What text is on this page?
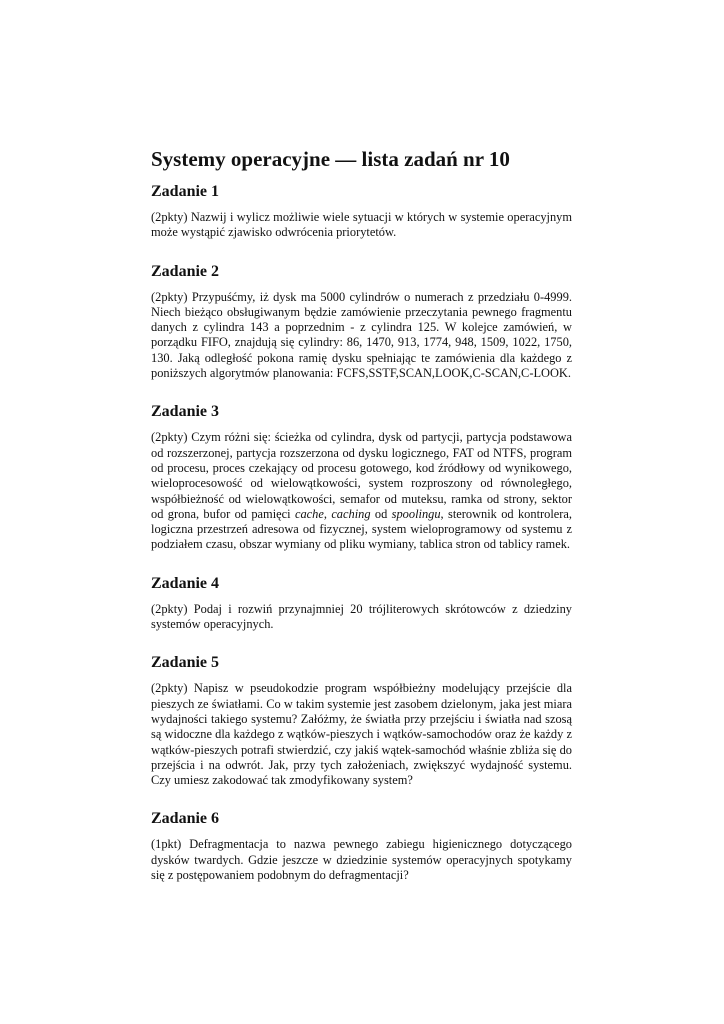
Systemy operacyjne — lista zadań nr 10
Zadanie 1

(2pkty) Nazwij i wylicz możliwie wiele sytuacji w których w systemie operacyjnym może wystąpić zjawisko odwrócenia priorytetów.

Zadanie 2

(2pkty) Przypuśćmy, iż dysk ma 5000 cylindrów o numerach z przedziału 0-4999. Niech bieżąco obsługiwanym będzie zamówienie przeczytania pewnego fragmentu danych z cylindra 143 a poprzednim - z cylindra 125. W kolejce zamówień, w porządku FIFO, znajdują się cylindry: 86, 1470, 913, 1774, 948, 1509, 1022, 1750, 130. Jaką odległość pokona ramię dysku spełniając te zamówienia dla każdego z poniższych algorytmów planowania: FCFS,SSTF,SCAN,LOOK,C-SCAN,C-LOOK.

Zadanie 3

(2pkty) Czym różni się: ścieżka od cylindra, dysk od partycji, partycja podstawowa od rozszerzonej, partycja rozszerzona od dysku logicznego, FAT od NTFS, program od procesu, proces czekający od procesu gotowego, kod źródłowy od wynikowego, wieloprocesowość od wielowątkowości, system rozproszony od równoległego, współbieżność od wielowątkowości, semafor od muteksu, ramka od strony, sektor od grona, bufor od pamięci cache, caching od spoolingu, sterownik od kontrolera, logiczna przestrzeń adresowa od fizycznej, system wieloprogramowy od systemu z podziałem czasu, obszar wymiany od pliku wymiany, tablica stron od tablicy ramek.

Zadanie 4

(2pkty) Podaj i rozwiń przynajmniej 20 trójliterowych skrótowców z dziedziny systemów operacyjnych.

Zadanie 5

(2pkty) Napisz w pseudokodzie program współbieżny modelujący przejście dla pieszych ze światłami. Co w takim systemie jest zasobem dzielonym, jaka jest miara wydajności takiego systemu? Załóżmy, że światła przy przejściu i światła nad szosą są widoczne dla każdego z wątków-pieszych i wątków-samochodów oraz że każdy z wątków-pieszych potrafi stwierdzić, czy jakiś wątek-samochód właśnie zbliża się do przejścia i na odwrót. Jak, przy tych założeniach, zwiększyć wydajność systemu. Czy umiesz zakodować tak zmodyfikowany system?

Zadanie 6

(1pkt) Defragmentacja to nazwa pewnego zabiegu higienicznego dotyczącego dysków twardych. Gdzie jeszcze w dziedzinie systemów operacyjnych spotykamy się z postępowaniem podobnym do defragmentacji?
